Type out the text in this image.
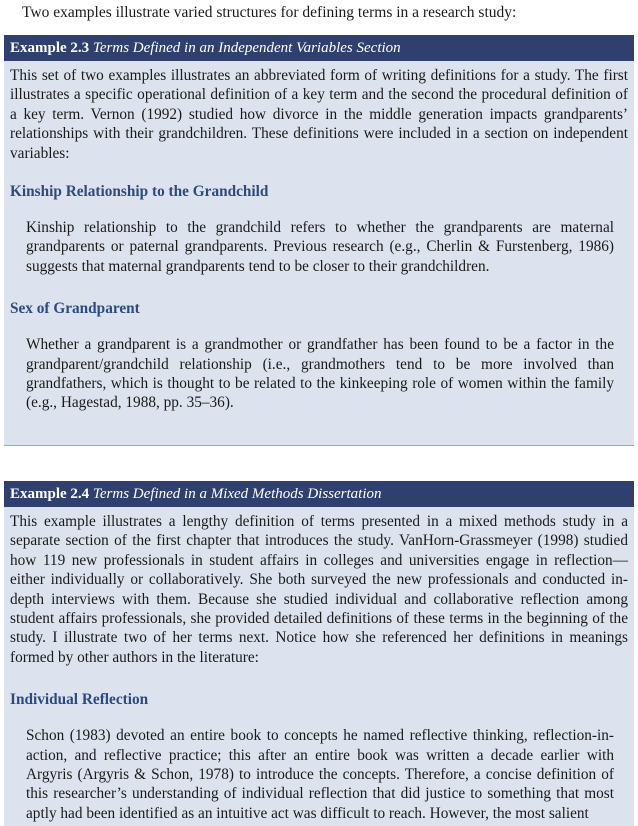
Two examples illustrate varied structures for defining terms in a research study:
Example 2.3 Terms Defined in an Independent Variables Section

This set of two examples illustrates an abbreviated form of writing definitions for a study. The first illustrates a specific operational definition of a key term and the second the procedural definition of a key term. Vernon (1992) studied how divorce in the middle generation impacts grandparents’ relationships with their grandchildren. These definitions were included in a section on independent variables:

Kinship Relationship to the Grandchild

Kinship relationship to the grandchild refers to whether the grandparents are maternal grandparents or paternal grandparents. Previous research (e.g., Cherlin & Furstenberg, 1986) suggests that maternal grandparents tend to be closer to their grandchildren.

Sex of Grandparent

Whether a grandparent is a grandmother or grandfather has been found to be a factor in the grandparent/grandchild relationship (i.e., grandmothers tend to be more involved than grandfathers, which is thought to be related to the kinkeeping role of women within the family (e.g., Hagestad, 1988, pp. 35–36).

Example 2.4 Terms Defined in a Mixed Methods Dissertation

This example illustrates a lengthy definition of terms presented in a mixed methods study in a separate section of the first chapter that introduces the study. VanHorn-Grassmeyer (1998) studied how 119 new professionals in student affairs in colleges and universities engage in reflection—either individually or collaboratively. She both surveyed the new professionals and conducted in-depth interviews with them. Because she studied individual and collaborative reflection among student affairs professionals, she provided detailed definitions of these terms in the beginning of the study. I illustrate two of her terms next. Notice how she referenced her definitions in meanings formed by other authors in the literature:

Individual Reflection

Schon (1983) devoted an entire book to concepts he named reflective thinking, reflection-in-action, and reflective practice; this after an entire book was written a decade earlier with Argyris (Argyris & Schon, 1978) to introduce the concepts. Therefore, a concise definition of this researcher’s understanding of individual reflection that did justice to something that most aptly had been identified as an intuitive act was difficult to reach. However, the most salient
